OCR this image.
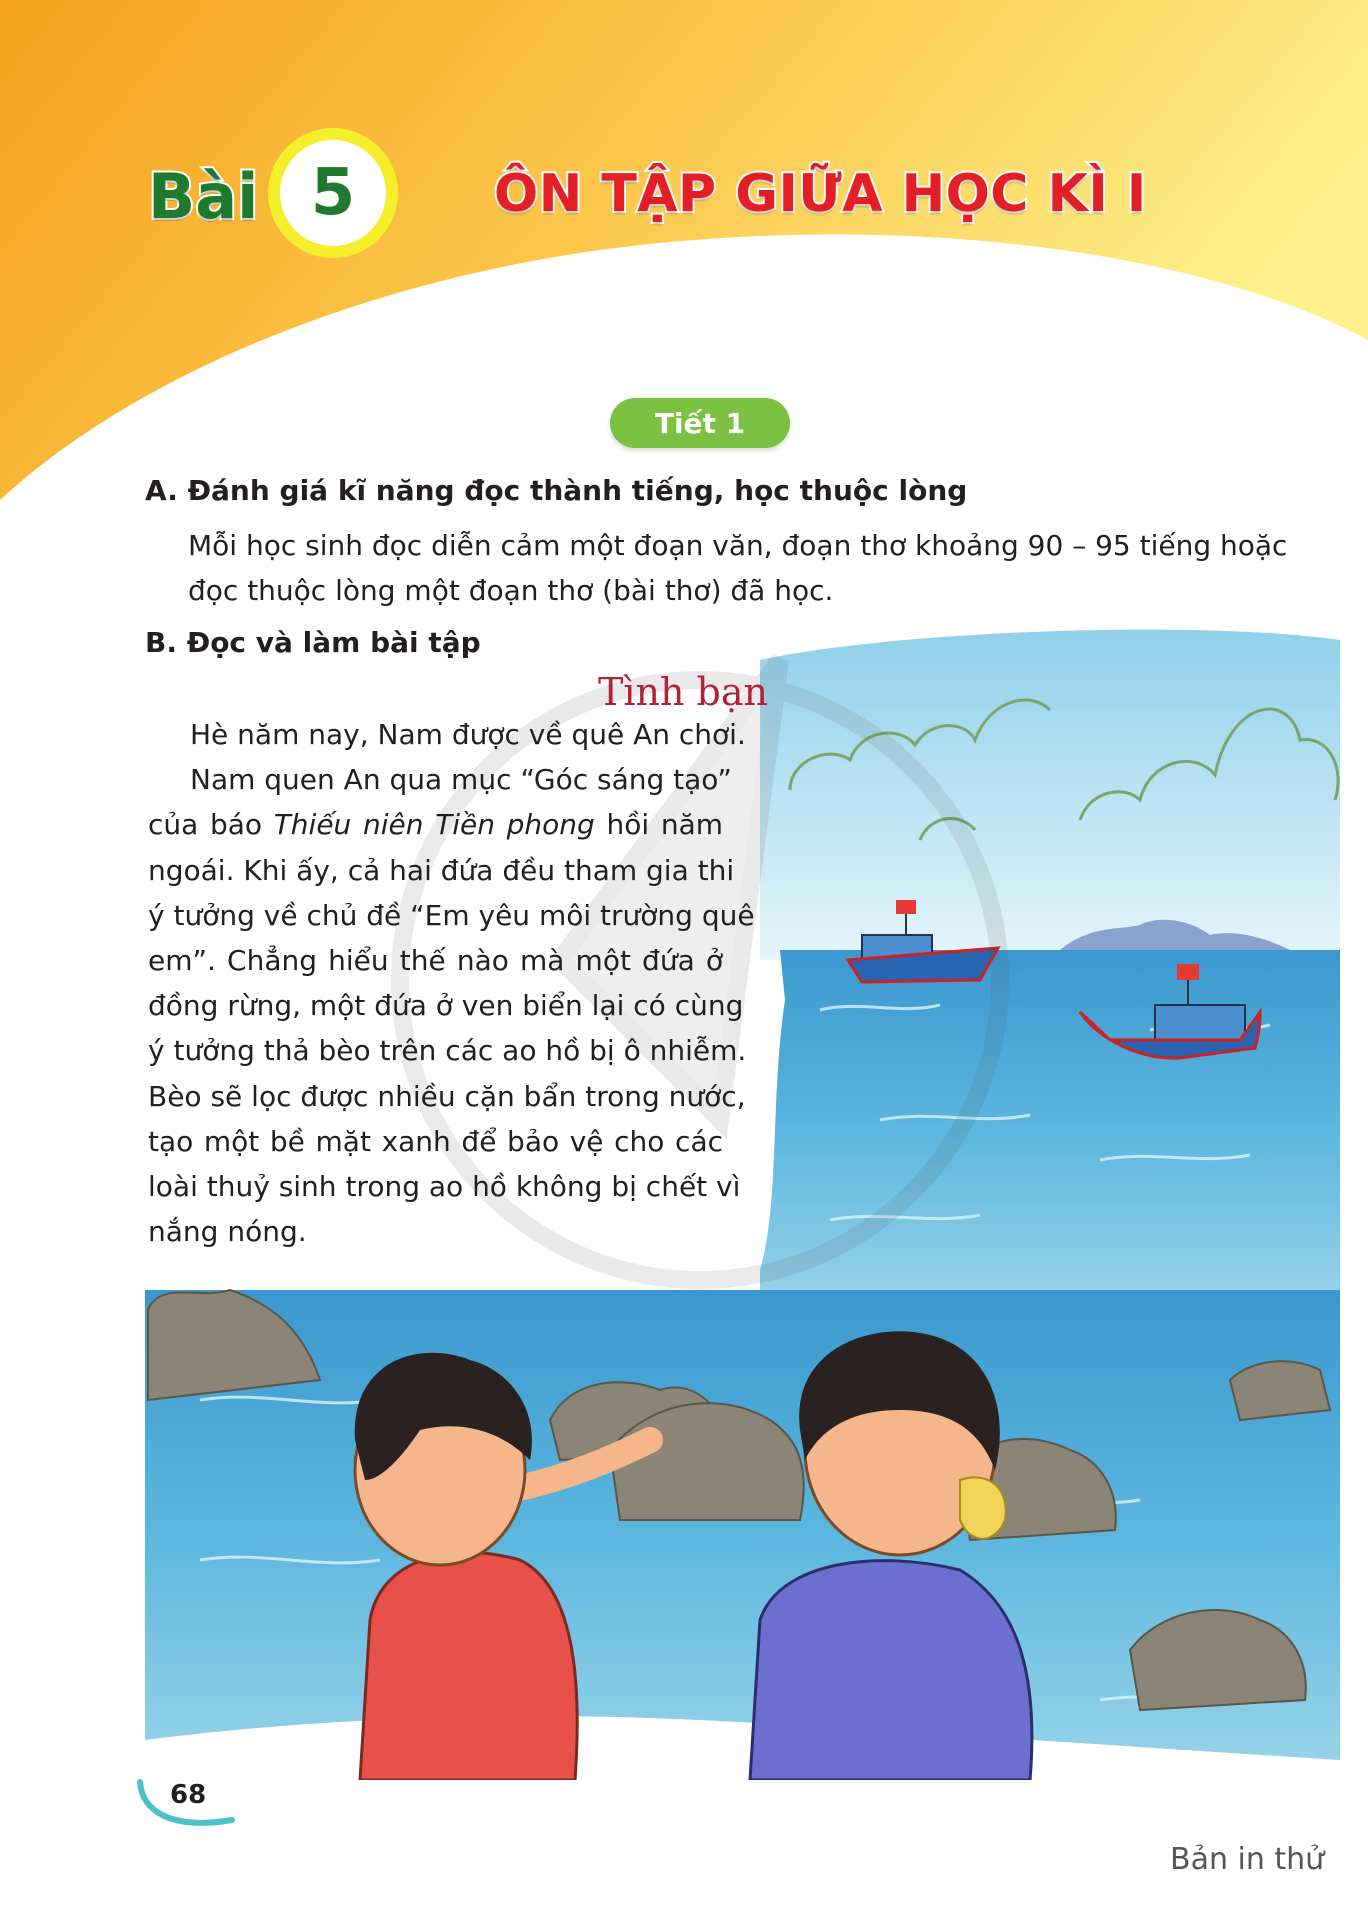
Bài 5	ÔN TẬP GIỮA HỌC KÌ I
Tiết 1
A. Đánh giá kĩ năng đọc thành tiếng, học thuộc lòng
Mỗi học sinh đọc diễn cảm một đoạn văn, đoạn thơ khoảng 90 – 95 tiếng hoặc
đọc thuộc lòng một đoạn thơ (bài thơ) đã học.
B. Đọc và làm bài tập
Tình bạn
Hè năm nay, Nam được về quê An chơi.
Nam quen An qua mục “Góc sáng tạo”
của báo Thiếu niên Tiền phong hồi năm
ngoái. Khi ấy, cả hai đứa đều tham gia thi
ý tưởng về chủ đề “Em yêu môi trường quê
em”. Chẳng hiểu thế nào mà một đứa ở
đồng rừng, một đứa ở ven biển lại có cùng
ý tưởng thả bèo trên các ao hồ bị ô nhiễm.
Bèo sẽ lọc được nhiều cặn bẩn trong nước,
tạo một bề mặt xanh để bảo vệ cho các
loài thuỷ sinh trong ao hồ không bị chết vì
nắng nóng.
68
Bản in thử
